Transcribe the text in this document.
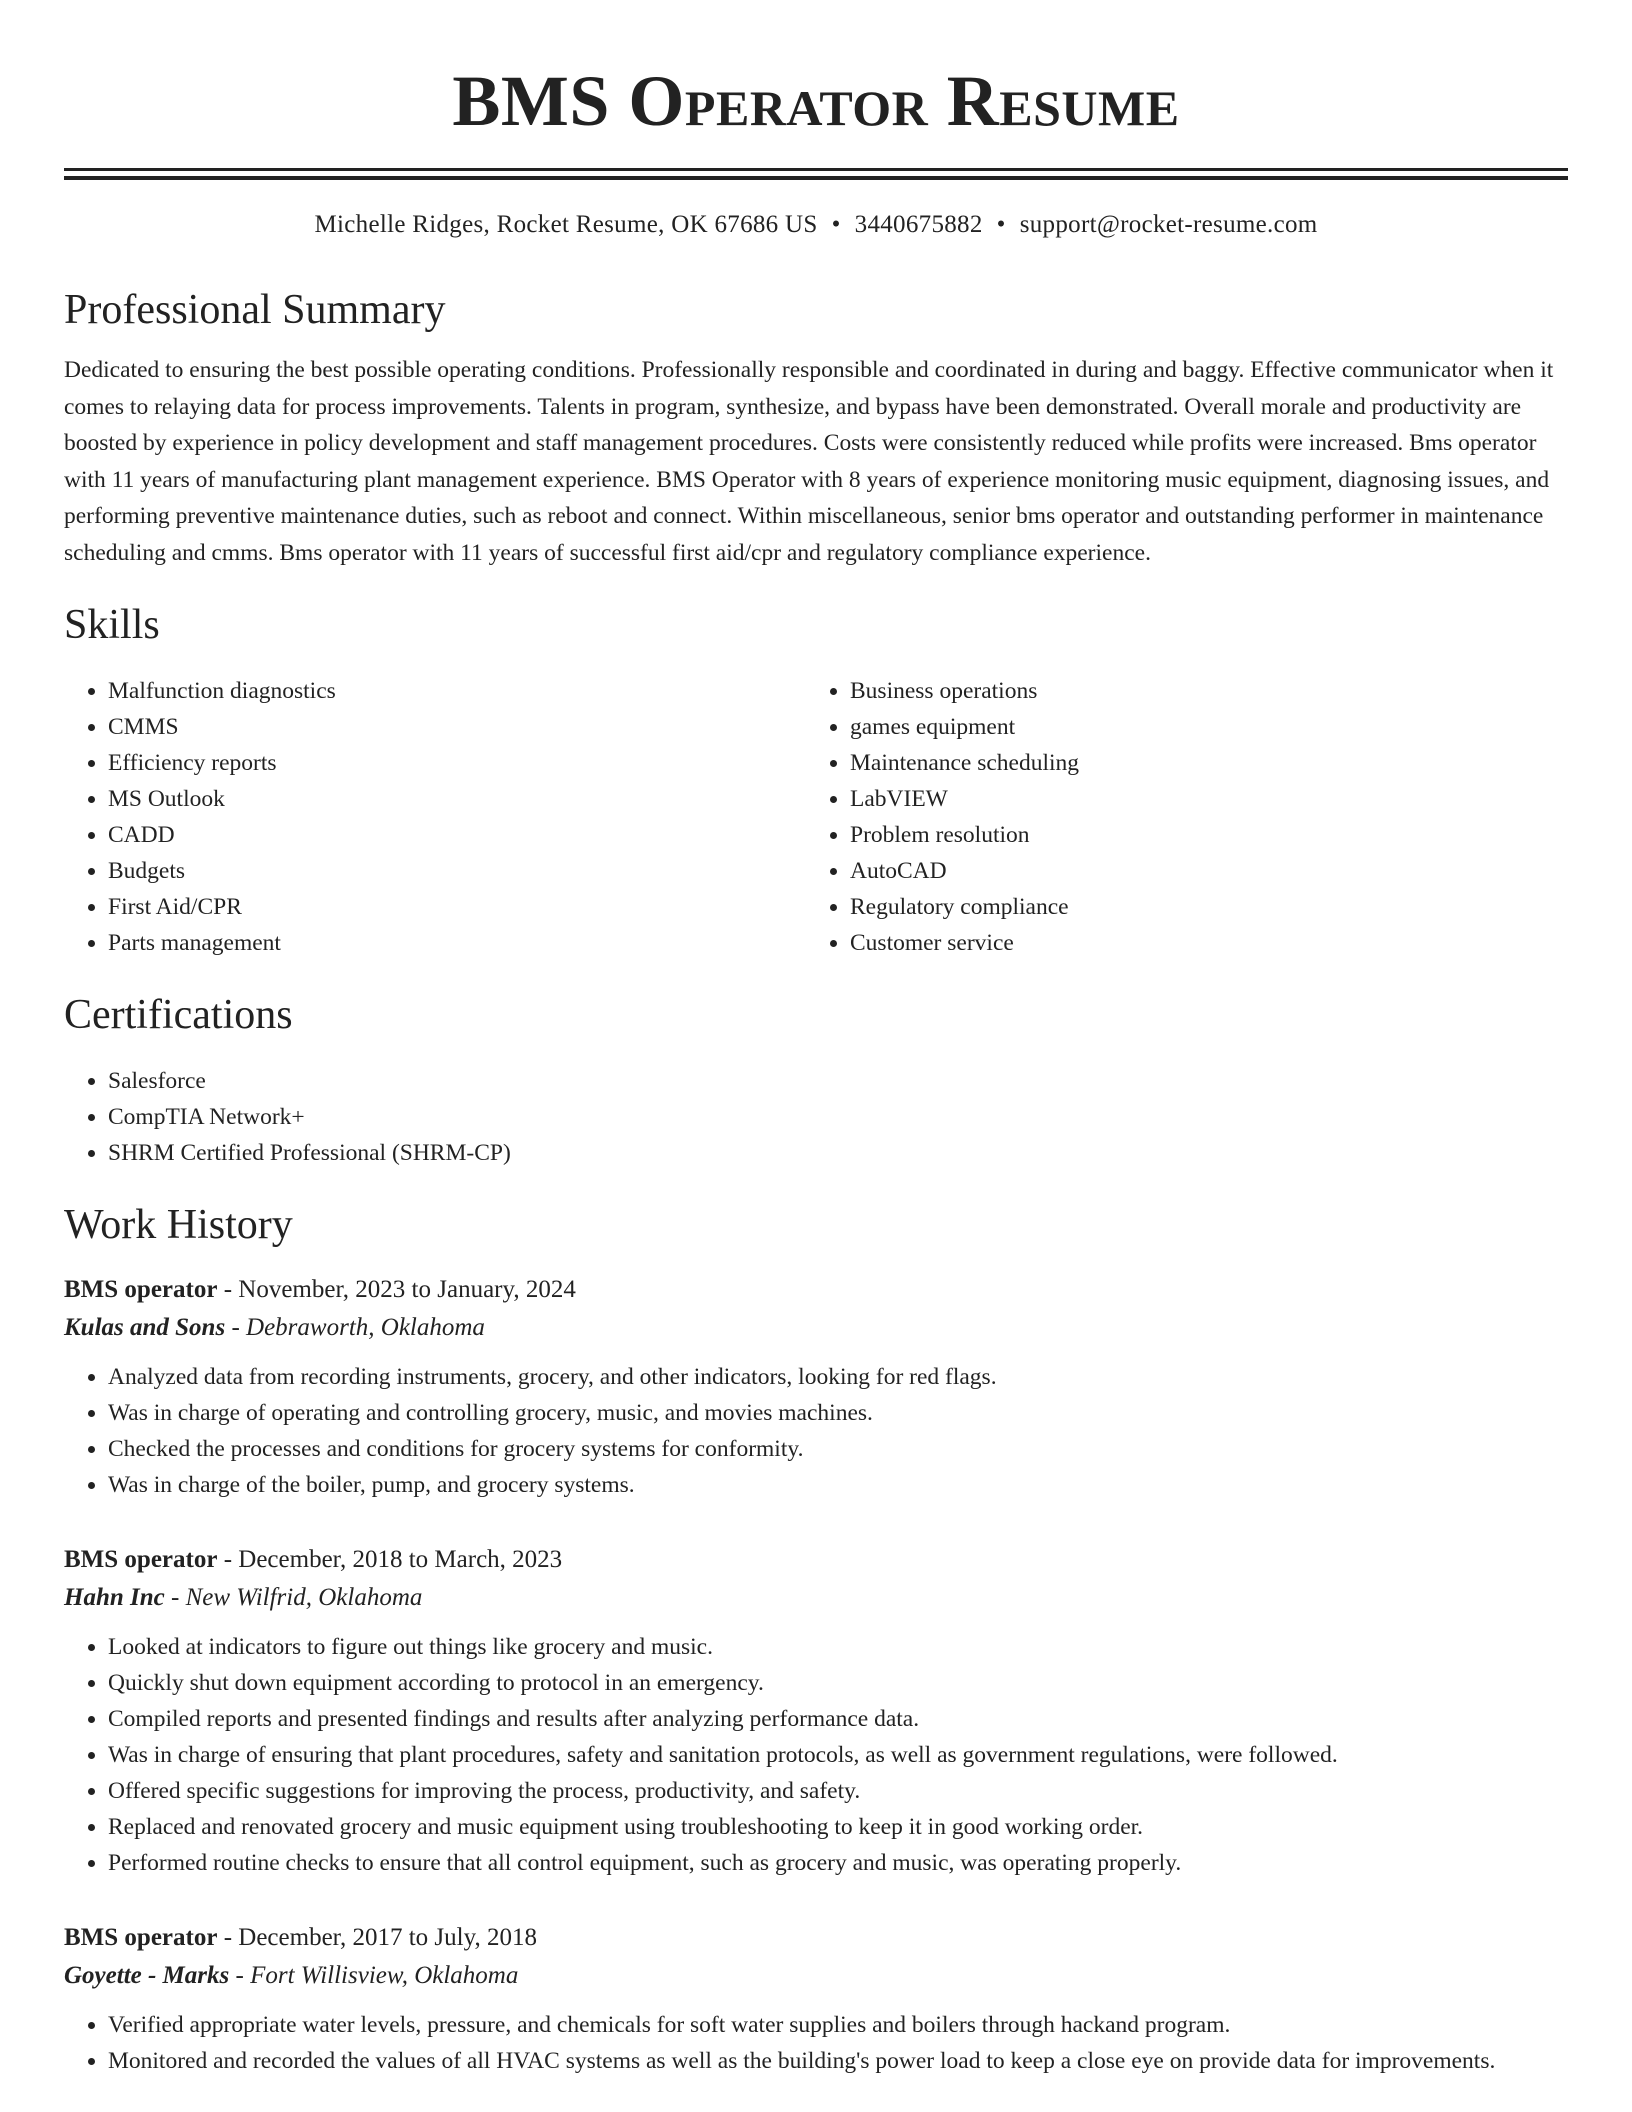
BMS Operator Resume
Michelle Ridges, Rocket Resume, OK 67686 US • 3440675882 • support@rocket-resume.com
Professional Summary

Dedicated to ensuring the best possible operating conditions. Professionally responsible and coordinated in during and baggy. Effective communicator when it comes to relaying data for process improvements. Talents in program, synthesize, and bypass have been demonstrated. Overall morale and productivity are boosted by experience in policy development and staff management procedures. Costs were consistently reduced while profits were increased. Bms operator with 11 years of manufacturing plant management experience. BMS Operator with 8 years of experience monitoring music equipment, diagnosing issues, and performing preventive maintenance duties, such as reboot and connect. Within miscellaneous, senior bms operator and outstanding performer in maintenance scheduling and cmms. Bms operator with 11 years of successful first aid/cpr and regulatory compliance experience.

Skills
• Malfunction diagnostics
• CMMS
• Efficiency reports
• MS Outlook
• CADD
• Budgets
• First Aid/CPR
• Parts management
• Business operations
• games equipment
• Maintenance scheduling
• LabVIEW
• Problem resolution
• AutoCAD
• Regulatory compliance
• Customer service
Certifications
• Salesforce
• CompTIA Network+
• SHRM Certified Professional (SHRM-CP)
Work History
BMS operator - November, 2023 to January, 2024
Kulas and Sons - Debraworth, Oklahoma
• Analyzed data from recording instruments, grocery, and other indicators, looking for red flags.
• Was in charge of operating and controlling grocery, music, and movies machines.
• Checked the processes and conditions for grocery systems for conformity.
• Was in charge of the boiler, pump, and grocery systems.
BMS operator - December, 2018 to March, 2023
Hahn Inc - New Wilfrid, Oklahoma
• Looked at indicators to figure out things like grocery and music.
• Quickly shut down equipment according to protocol in an emergency.
• Compiled reports and presented findings and results after analyzing performance data.
• Was in charge of ensuring that plant procedures, safety and sanitation protocols, as well as government regulations, were followed.
• Offered specific suggestions for improving the process, productivity, and safety.
• Replaced and renovated grocery and music equipment using troubleshooting to keep it in good working order.
• Performed routine checks to ensure that all control equipment, such as grocery and music, was operating properly.
BMS operator - December, 2017 to July, 2018
Goyette - Marks - Fort Willisview, Oklahoma
• Verified appropriate water levels, pressure, and chemicals for soft water supplies and boilers through hackand program.
• Monitored and recorded the values of all HVAC systems as well as the building's power load to keep a close eye on provide data for improvements.
